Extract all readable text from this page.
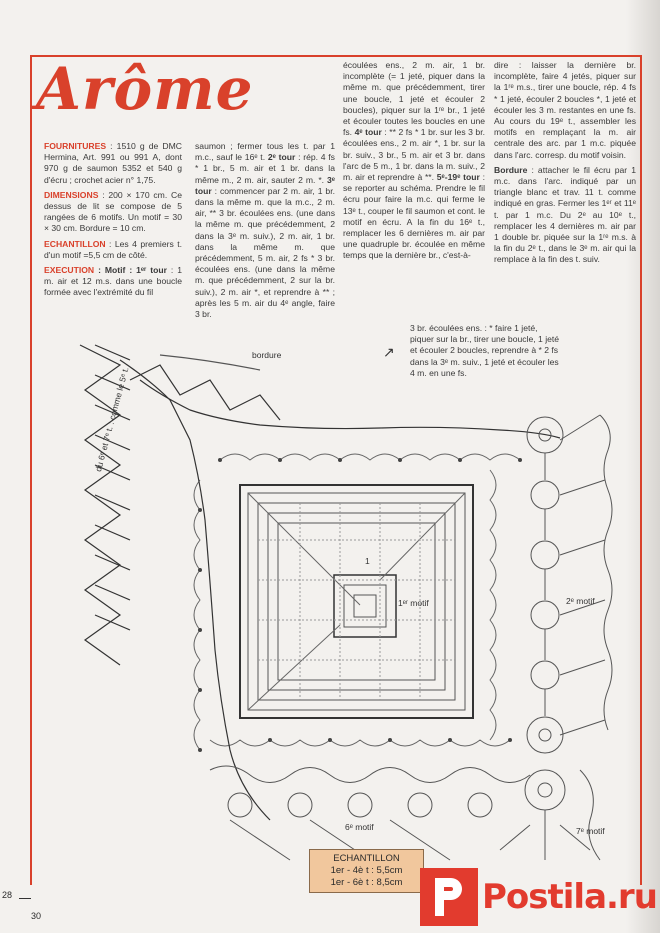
Arôme

FOURNITURES : 1510 g de DMC Hermina, Art. 991 ou 991 A, dont 970 g de saumon 5352 et 540 g d'écru ; crochet acier n° 1,75.

DIMENSIONS : 200 × 170 cm. Ce dessus de lit se compose de 5 rangées de 6 motifs. Un motif = 30 × 30 cm. Bordure = 10 cm.

ECHANTILLON : Les 4 premiers t. d'un motif =5,5 cm de côté.

EXECUTION : Motif : 1ᵉʳ tour : 1 m. air et 12 m.s. dans une boucle formée avec l'extrémité du fil

saumon ; fermer tous les t. par 1 m.c., sauf le 16ᵉ t. 2ᵉ tour : rép. 4 fs * 1 br., 5 m. air et 1 br. dans la même m., 2 m. air, sauter 2 m. *. 3ᵉ tour : commencer par 2 m. air, 1 br. dans la même m. que la m.c., 2 m. air, ** 3 br. écoulées ens. (une dans la même m. que précédemment, 2 dans la 3ᵉ m. suiv.), 2 m. air, 1 br. dans la même m. que précédemment, 5 m. air, 2 fs * 3 br. écoulées ens. (une dans la même m. que précédemment, 2 sur la br. suiv.), 2 m. air *, et reprendre à ** ; après les 5 m. air du 4ᵉ angle, faire 3 br.

écoulées ens., 2 m. air, 1 br. incomplète (= 1 jeté, piquer dans la même m. que précédemment, tirer une boucle, 1 jeté et écouler 2 boucles), piquer sur la 1ʳᵉ br., 1 jeté et écouler toutes les boucles en une fs. 4ᵉ tour : ** 2 fs * 1 br. sur les 3 br. écoulées ens., 2 m. air *, 1 br. sur la br. suiv., 3 br., 5 m. air et 3 br. dans l'arc de 5 m., 1 br. dans la m. suiv., 2 m. air et reprendre à **. 5ᵉ-19ᵉ tour : se reporter au schéma. Prendre le fil écru pour faire la m.c. qui ferme le 13ᵉ t., couper le fil saumon et cont. le motif en écru. A la fin du 16ᵉ t., remplacer les 6 dernières m. air par une quadruple br. écoulée en même temps que la dernière br., c'est-à-

dire : laisser la dernière br. incomplète, faire 4 jetés, piquer sur la 1ʳᵉ m.s., tirer une boucle, rép. 4 fs * 1 jeté, écouler 2 boucles *, 1 jeté et écouler les 3 m. restantes en une fs. Au cours du 19ᵉ t., assembler les motifs en remplaçant la m. air centrale des arc. par 1 m.c. piquée dans l'arc. corresp. du motif voisin.

Bordure : attacher le fil écru par 1 m.c. dans l'arc. indiqué par un triangle blanc et trav. 11 t. comme indiqué en gras. Fermer les 1ᵉʳ et 11ᵉ t. par 1 m.c. Du 2ᵉ au 10ᵉ t., remplacer les 4 dernières m. air par 1 double br. piquée sur la 1ʳᵉ m.s. à la fin du 2ᵉ t., dans le 3ᵉ m. air qui la remplace à la fin des t. suiv.

↗
3 br. écoulées ens. : * faire 1 jeté, piquer sur la br., tirer une boucle, 1 jeté et écouler 2 boucles, reprendre à * 2 fs dans la 3ᵉ m. suiv., 1 jeté et écouler les 4 m. en une fs.
bordure
1ᵉʳ motif	2ᵉ motif
6ᵉ motif	7ᵉ motif
1
du 6ᵉ et 7ᵉ t. : comme le 5ᵉ t.
ECHANTILLON
1er - 4è t : 5,5cm
1er - 6è t : 8,5cm
28
30	Postila.ru
